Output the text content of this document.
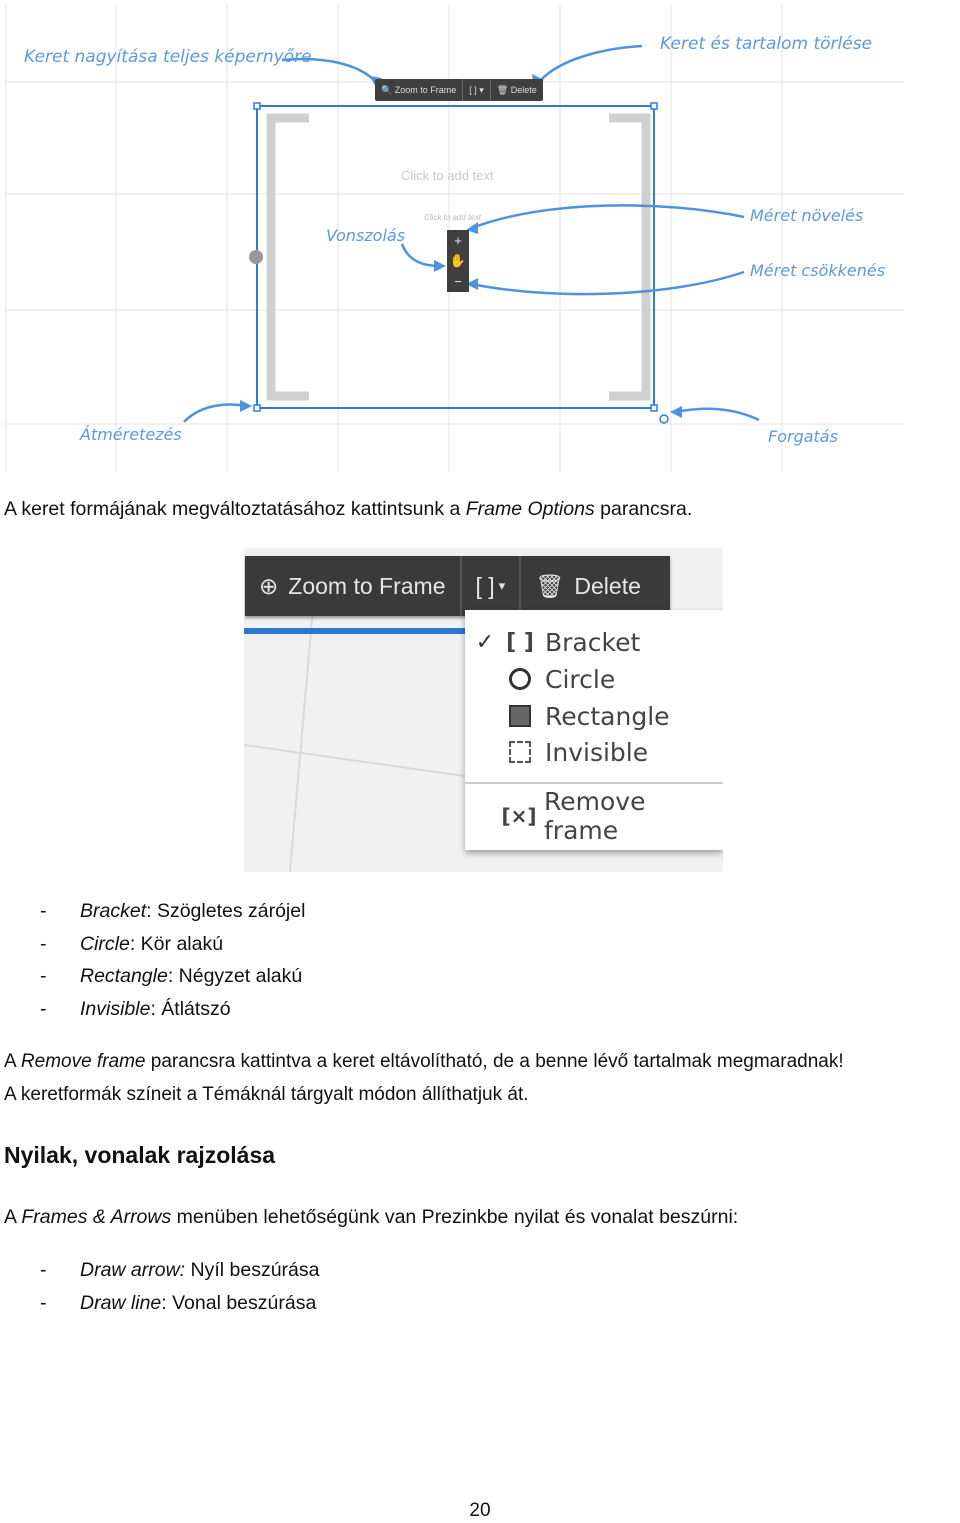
Keret nagyítása teljes képernyőre
Keret és tartalom törlése
Vonszolás
Méret növelés
Méret csökkenés
Átméretezés	Forgatás
Click to add text
Click to add text
🔍 Zoom to Frame	[ ] ▾	🗑 Delete
+
✋
−

A keret formájának megváltoztatásához kattintsunk a Frame Options parancsra.

⊕ Zoom to Frame [ ] ▾ 🗑 Delete
✓ [ ] Bracket
Circle
Rectangle
Invisible
[×] Remove frame
- Bracket: Szögletes zárójel
- Circle: Kör alakú
- Rectangle: Négyzet alakú
- Invisible: Átlátszó

A Remove frame parancsra kattintva a keret eltávolítható, de a benne lévő tartalmak megmaradnak!

A keretformák színeit a Témáknál tárgyalt módon állíthatjuk át.

Nyilak, vonalak rajzolása

A Frames & Arrows menüben lehetőségünk van Prezinkbe nyilat és vonalat beszúrni:

- Draw arrow: Nyíl beszúrása
- Draw line: Vonal beszúrása
20
